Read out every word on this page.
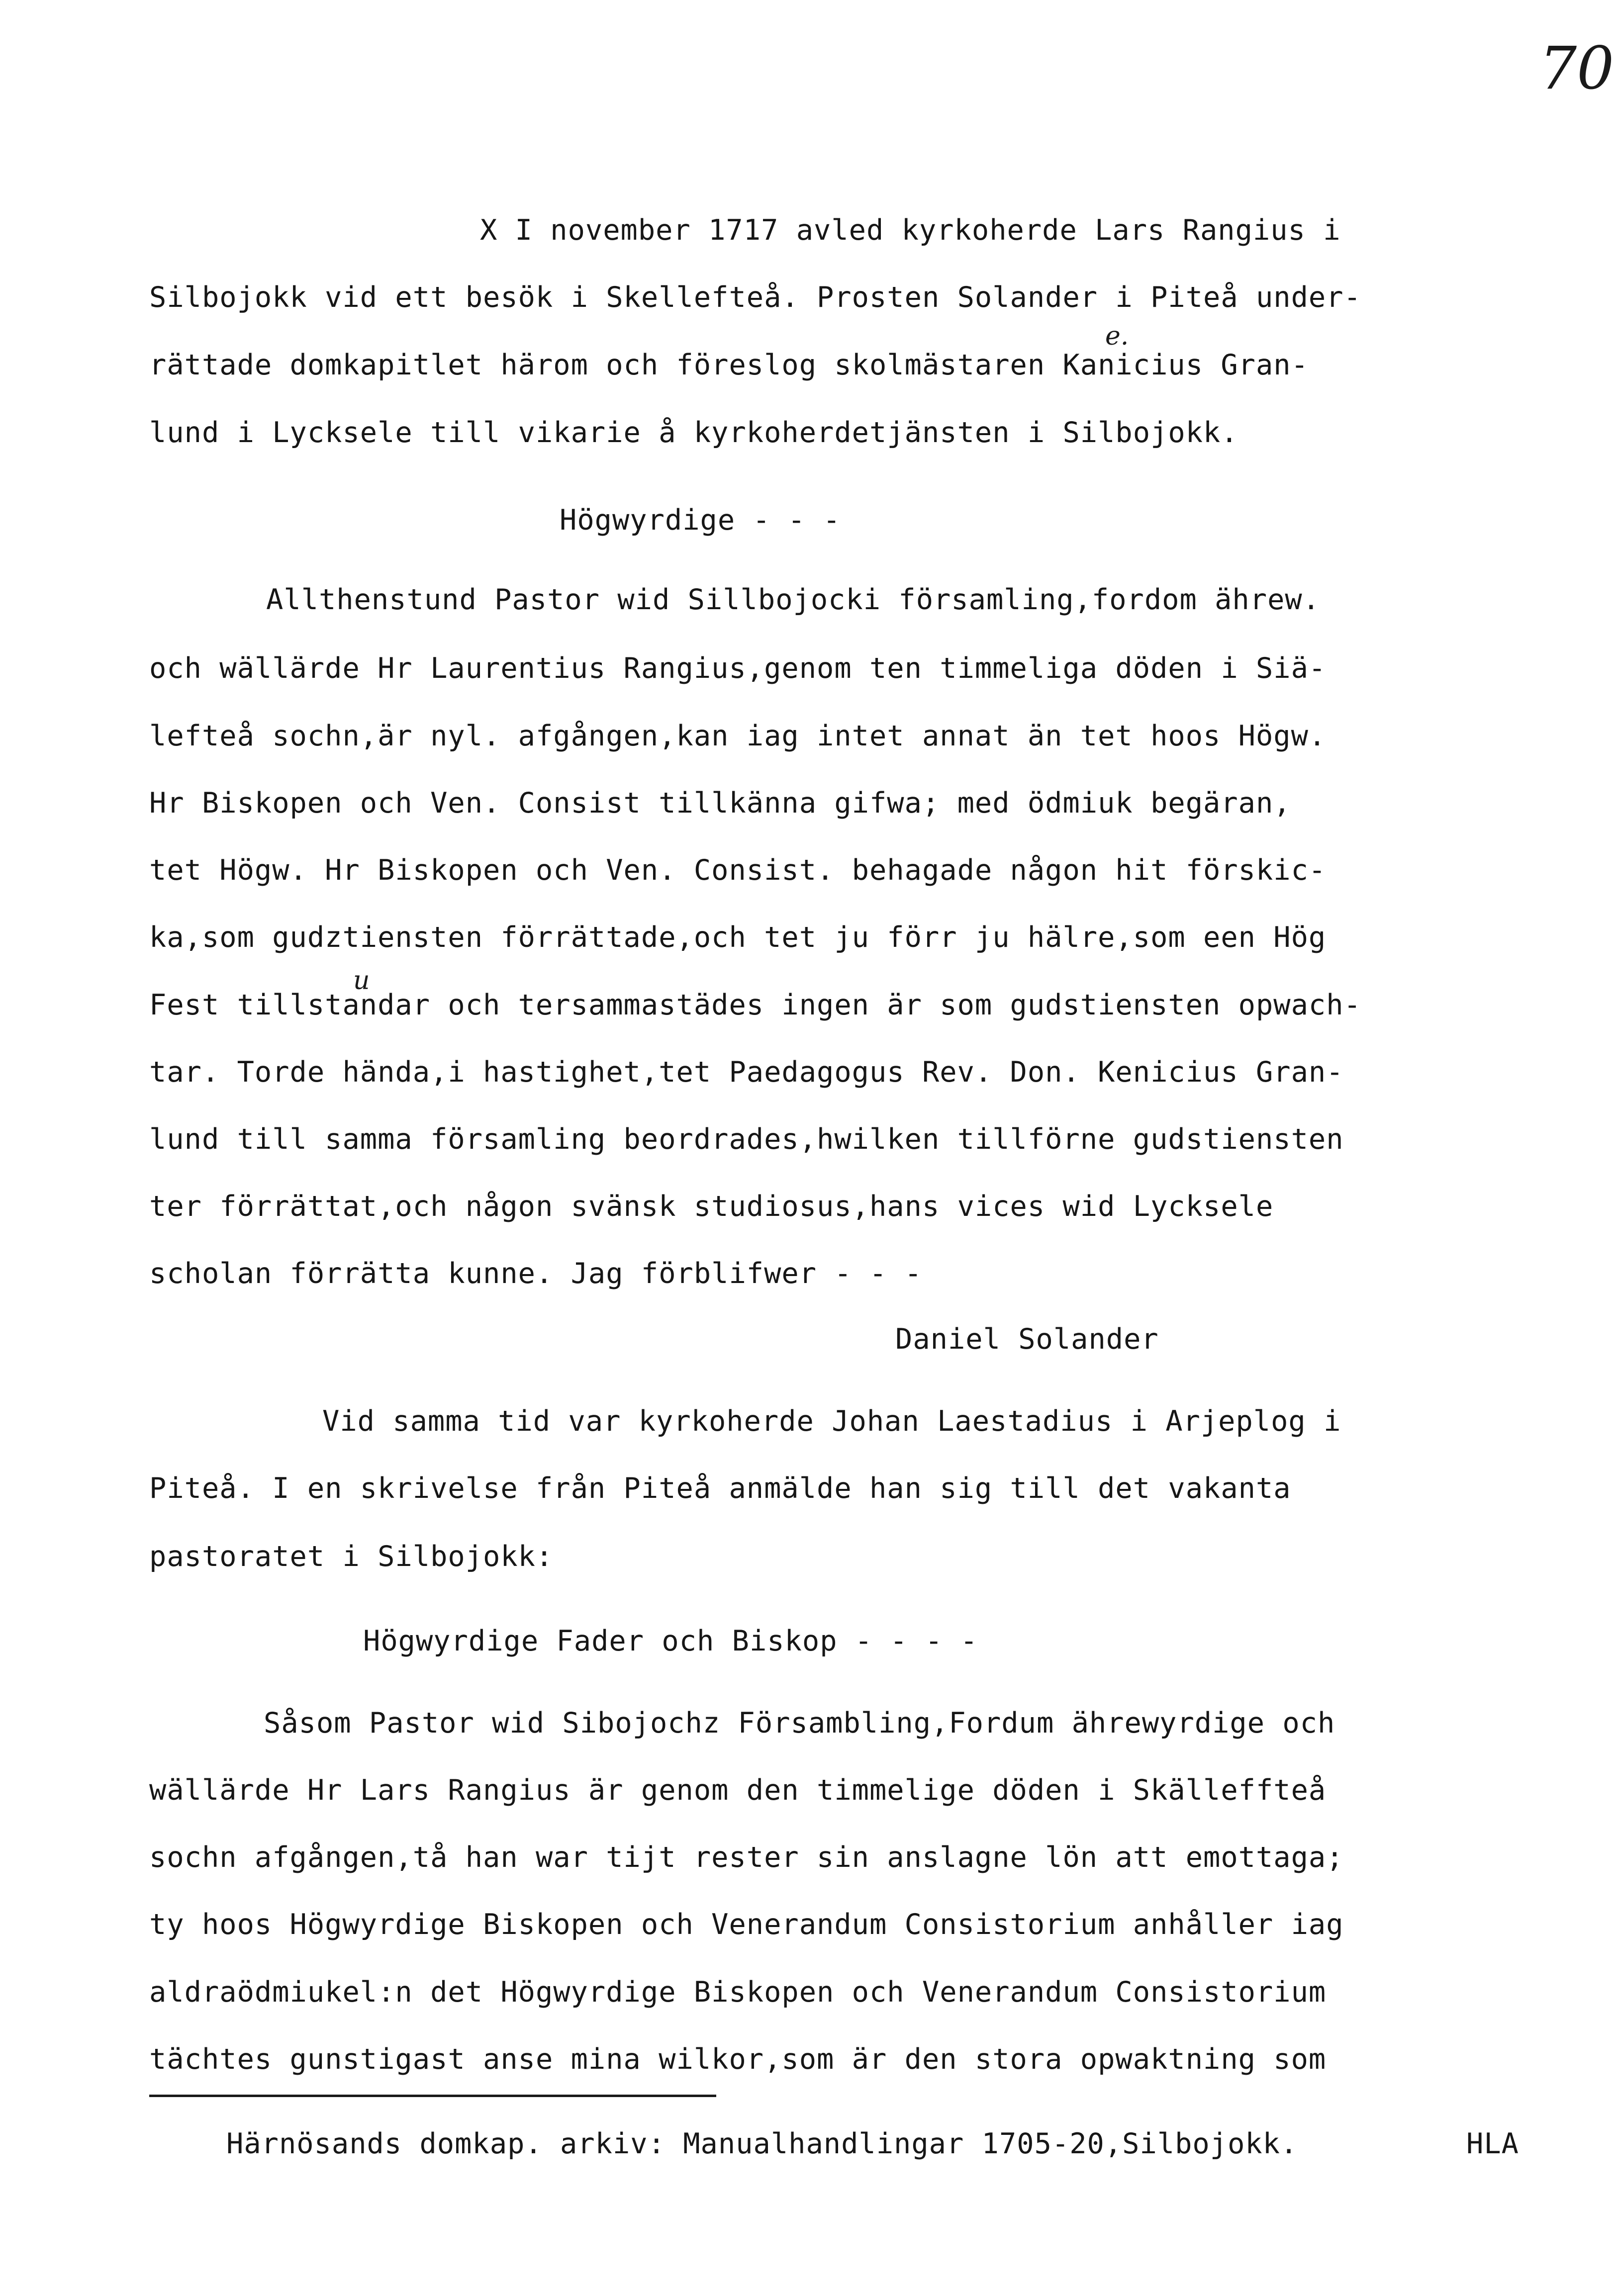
70
e.
u

X I november 1717 avled kyrkoherde Lars Rangius i

Silbojokk vid ett besök i Skellefteå. Prosten Solander i Piteå under-

rättade domkapitlet härom och föreslog skolmästaren Kanicius Gran-

lund i Lycksele till vikarie å kyrkoherdetjänsten i Silbojokk.

Högwyrdige - - -

Allthenstund Pastor wid Sillbojocki församling,fordom ährew.

och wällärde Hr Laurentius Rangius,genom ten timmeliga döden i Siä-

lefteå sochn,är nyl. afgången,kan iag intet annat än tet hoos Högw.

Hr Biskopen och Ven. Consist tillkänna gifwa; med ödmiuk begäran,

tet Högw. Hr Biskopen och Ven. Consist. behagade någon hit förskic-

ka,som gudztiensten förrättade,och tet ju förr ju hälre,som een Hög

Fest tillstandar och tersammastädes ingen är som gudstiensten opwach-

tar. Torde hända,i hastighet,tet Paedagogus Rev. Don. Kenicius Gran-

lund till samma församling beordrades,hwilken tillförne gudstiensten

ter förrättat,och någon svänsk studiosus,hans vices wid Lycksele

scholan förrätta kunne. Jag förblifwer - - -

Daniel Solander

Vid samma tid var kyrkoherde Johan Laestadius i Arjeplog i

Piteå. I en skrivelse från Piteå anmälde han sig till det vakanta

pastoratet i Silbojokk:

Högwyrdige Fader och Biskop - - - -

Såsom Pastor wid Sibojochz Försambling,Fordum ährewyrdige och

wällärde Hr Lars Rangius är genom den timmelige döden i Skälleffteå

sochn afgången,tå han war tijt rester sin anslagne lön att emottaga;

ty hoos Högwyrdige Biskopen och Venerandum Consistorium anhåller iag

aldraödmiukel:n det Högwyrdige Biskopen och Venerandum Consistorium

tächtes gunstigast anse mina wilkor,som är den stora opwaktning som

Härnösands domkap. arkiv: Manualhandlingar 1705-20,Silbojokk.	HLA
